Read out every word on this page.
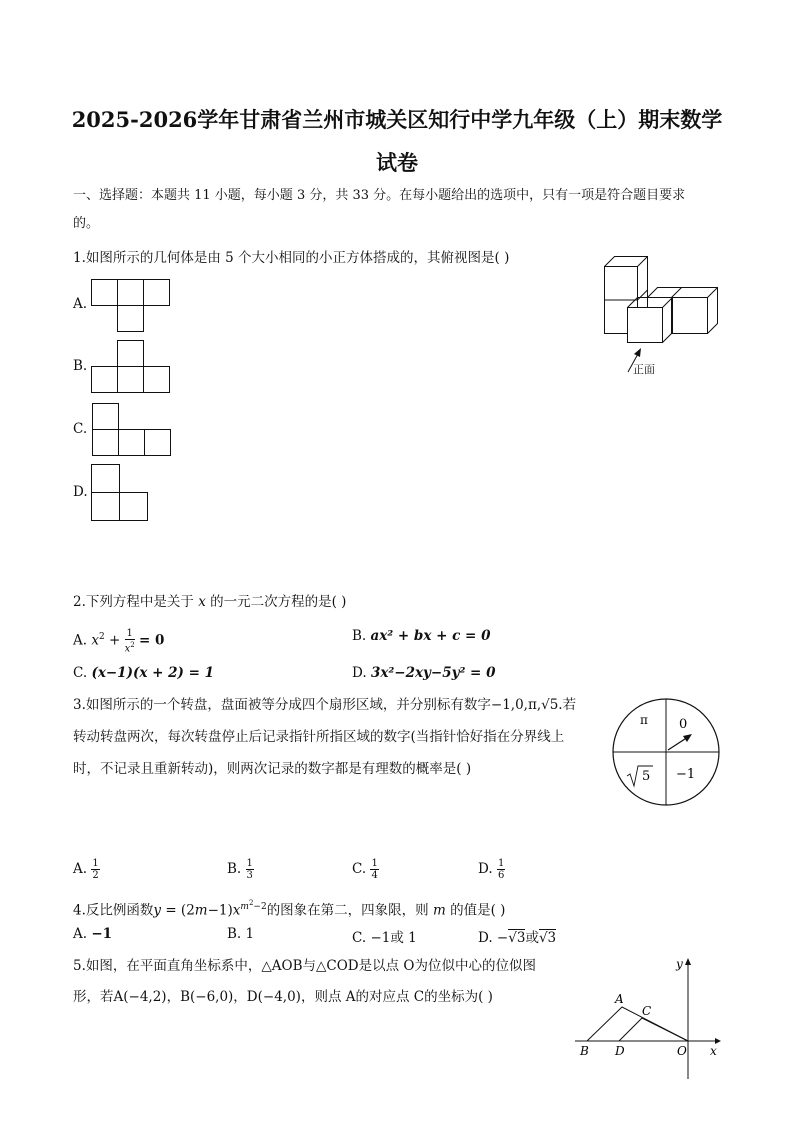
2025-2026学年甘肃省兰州市城关区知行中学九年级（上）期末数学
试卷
一、选择题：本题共 11 小题，每小题 3 分，共 33 分。在每小题给出的选项中，只有一项是符合题目要求
的。
1.如图所示的几何体是由 5 个大小相同的小正方体搭成的，其俯视图是( )
A.
B.
C.
D.
正面
2.下列方程中是关于 x 的一元二次方程的是( )
A. $x^2 + \frac{1}{x^2} = 0$	B. ax² + bx + c = 0
C. (x−1)(x + 2) = 1	D. 3x²−2xy−5y² = 0
3.如图所示的一个转盘，盘面被等分成四个扇形区域，并分别标有数字−1,0,π,√5.若
转动转盘两次，每次转盘停止后记录指针所指区域的数字(当指针恰好指在分界线上
时，不记录且重新转动)，则两次记录的数字都是有理数的概率是( )
π 0
5 −1
A. $\frac{1}{2}$	B. $\frac{1}{3}$	C. $\frac{1}{4}$	D. $\frac{1}{6}$
4.反比例函数$y = (2m-1)x^{m^2-2}$的图象在第二，四象限，则 m 的值是( )
A. −1	B. 1	C. −1或 1	D. −√3或√3
5.如图，在平面直角坐标系中，△AOB与△COD是以点 O为位似中心的位似图
形，若A(−4,2)，B(−6,0)，D(−4,0)，则点 A的对应点 C的坐标为( )	A
C
B D	O x
y
